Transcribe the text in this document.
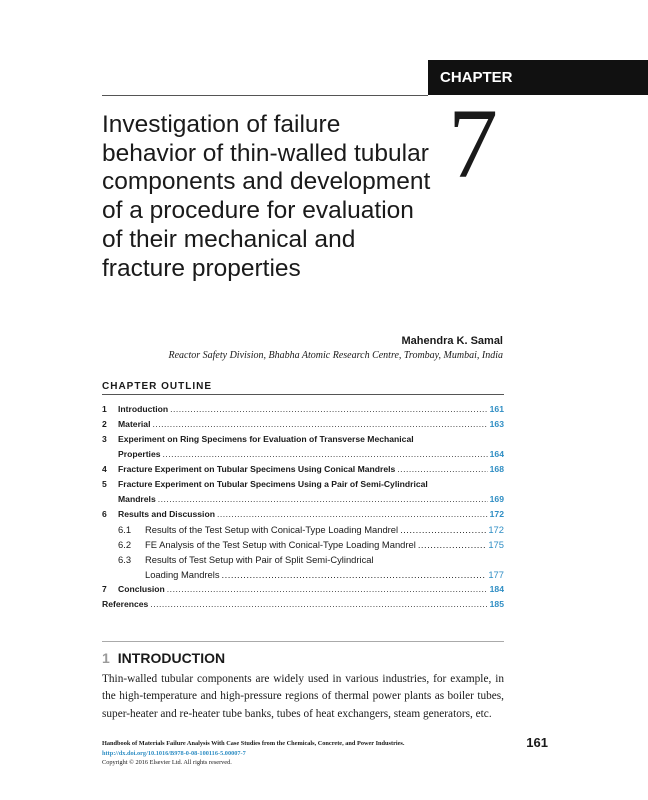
CHAPTER
7
Investigation of failure behavior of thin-walled tubular components and development of a procedure for evaluation of their mechanical and fracture properties
Mahendra K. Samal
Reactor Safety Division, Bhabha Atomic Research Centre, Trombay, Mumbai, India
CHAPTER OUTLINE
1	Introduction .....	161
2	Material .....	163
3	Experiment on Ring Specimens for Evaluation of Transverse Mechanical
Properties .....	164
4	Fracture Experiment on Tubular Specimens Using Conical Mandrels .....	168
5	Fracture Experiment on Tubular Specimens Using a Pair of Semi-Cylindrical
Mandrels .....	169
6	Results and Discussion .....	172
6.1	Results of the Test Setup with Conical-Type Loading Mandrel .....	172
6.2	FE Analysis of the Test Setup with Conical-Type Loading Mandrel .....	175
6.3	Results of Test Setup with Pair of Split Semi-Cylindrical
Loading Mandrels .....	177
7	Conclusion .....	184
References .....	185
1 INTRODUCTION

Thin-walled tubular components are widely used in various industries, for example, in the high-temperature and high-pressure regions of thermal power plants as boiler tubes, super-heater and re-heater tube banks, tubes of heat exchangers, steam generators, etc.

Handbook of Materials Failure Analysis With Case Studies from the Chemicals, Concrete, and Power Industries.
http://dx.doi.org/10.1016/B978-0-08-100116-5.00007-7
Copyright © 2016 Elsevier Ltd. All rights reserved.
161
